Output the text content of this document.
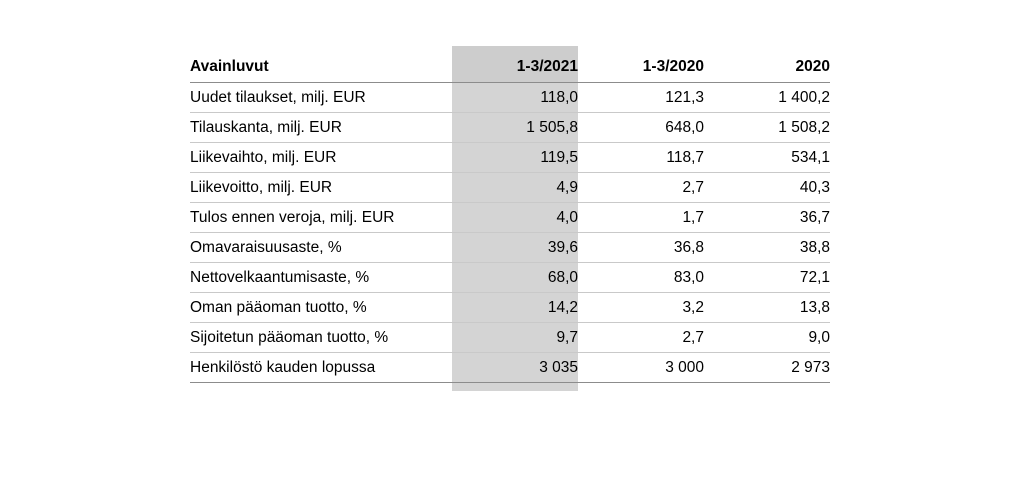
Avainluvut	1-3/2021	1-3/2020	2020
Uudet tilaukset, milj. EUR	118,0	121,3	1 400,2
Tilauskanta, milj. EUR	1 505,8	648,0	1 508,2
Liikevaihto, milj. EUR	119,5	118,7	534,1
Liikevoitto, milj. EUR	4,9	2,7	40,3
Tulos ennen veroja, milj. EUR	4,0	1,7	36,7
Omavaraisuusaste, %	39,6	36,8	38,8
Nettovelkaantumisaste, %	68,0	83,0	72,1
Oman pääoman tuotto, %	14,2	3,2	13,8
Sijoitetun pääoman tuotto, %	9,7	2,7	9,0
Henkilöstö kauden lopussa	3 035	3 000	2 973
